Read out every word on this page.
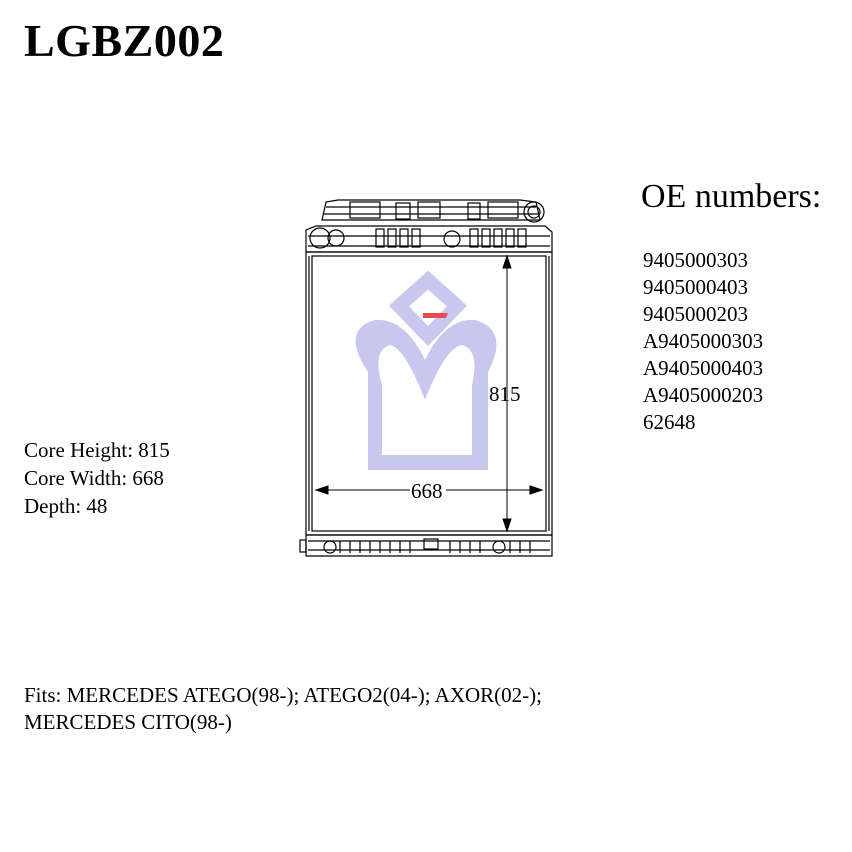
LGBZ002
OE numbers:
9405000303
9405000403
9405000203
A9405000303
A9405000403
A9405000203
62648
Core Height: 815
Core Width: 668
Depth: 48
Fits: MERCEDES ATEGO(98-); ATEGO2(04-); AXOR(02-); MERCEDES CITO(98-)
815
668
